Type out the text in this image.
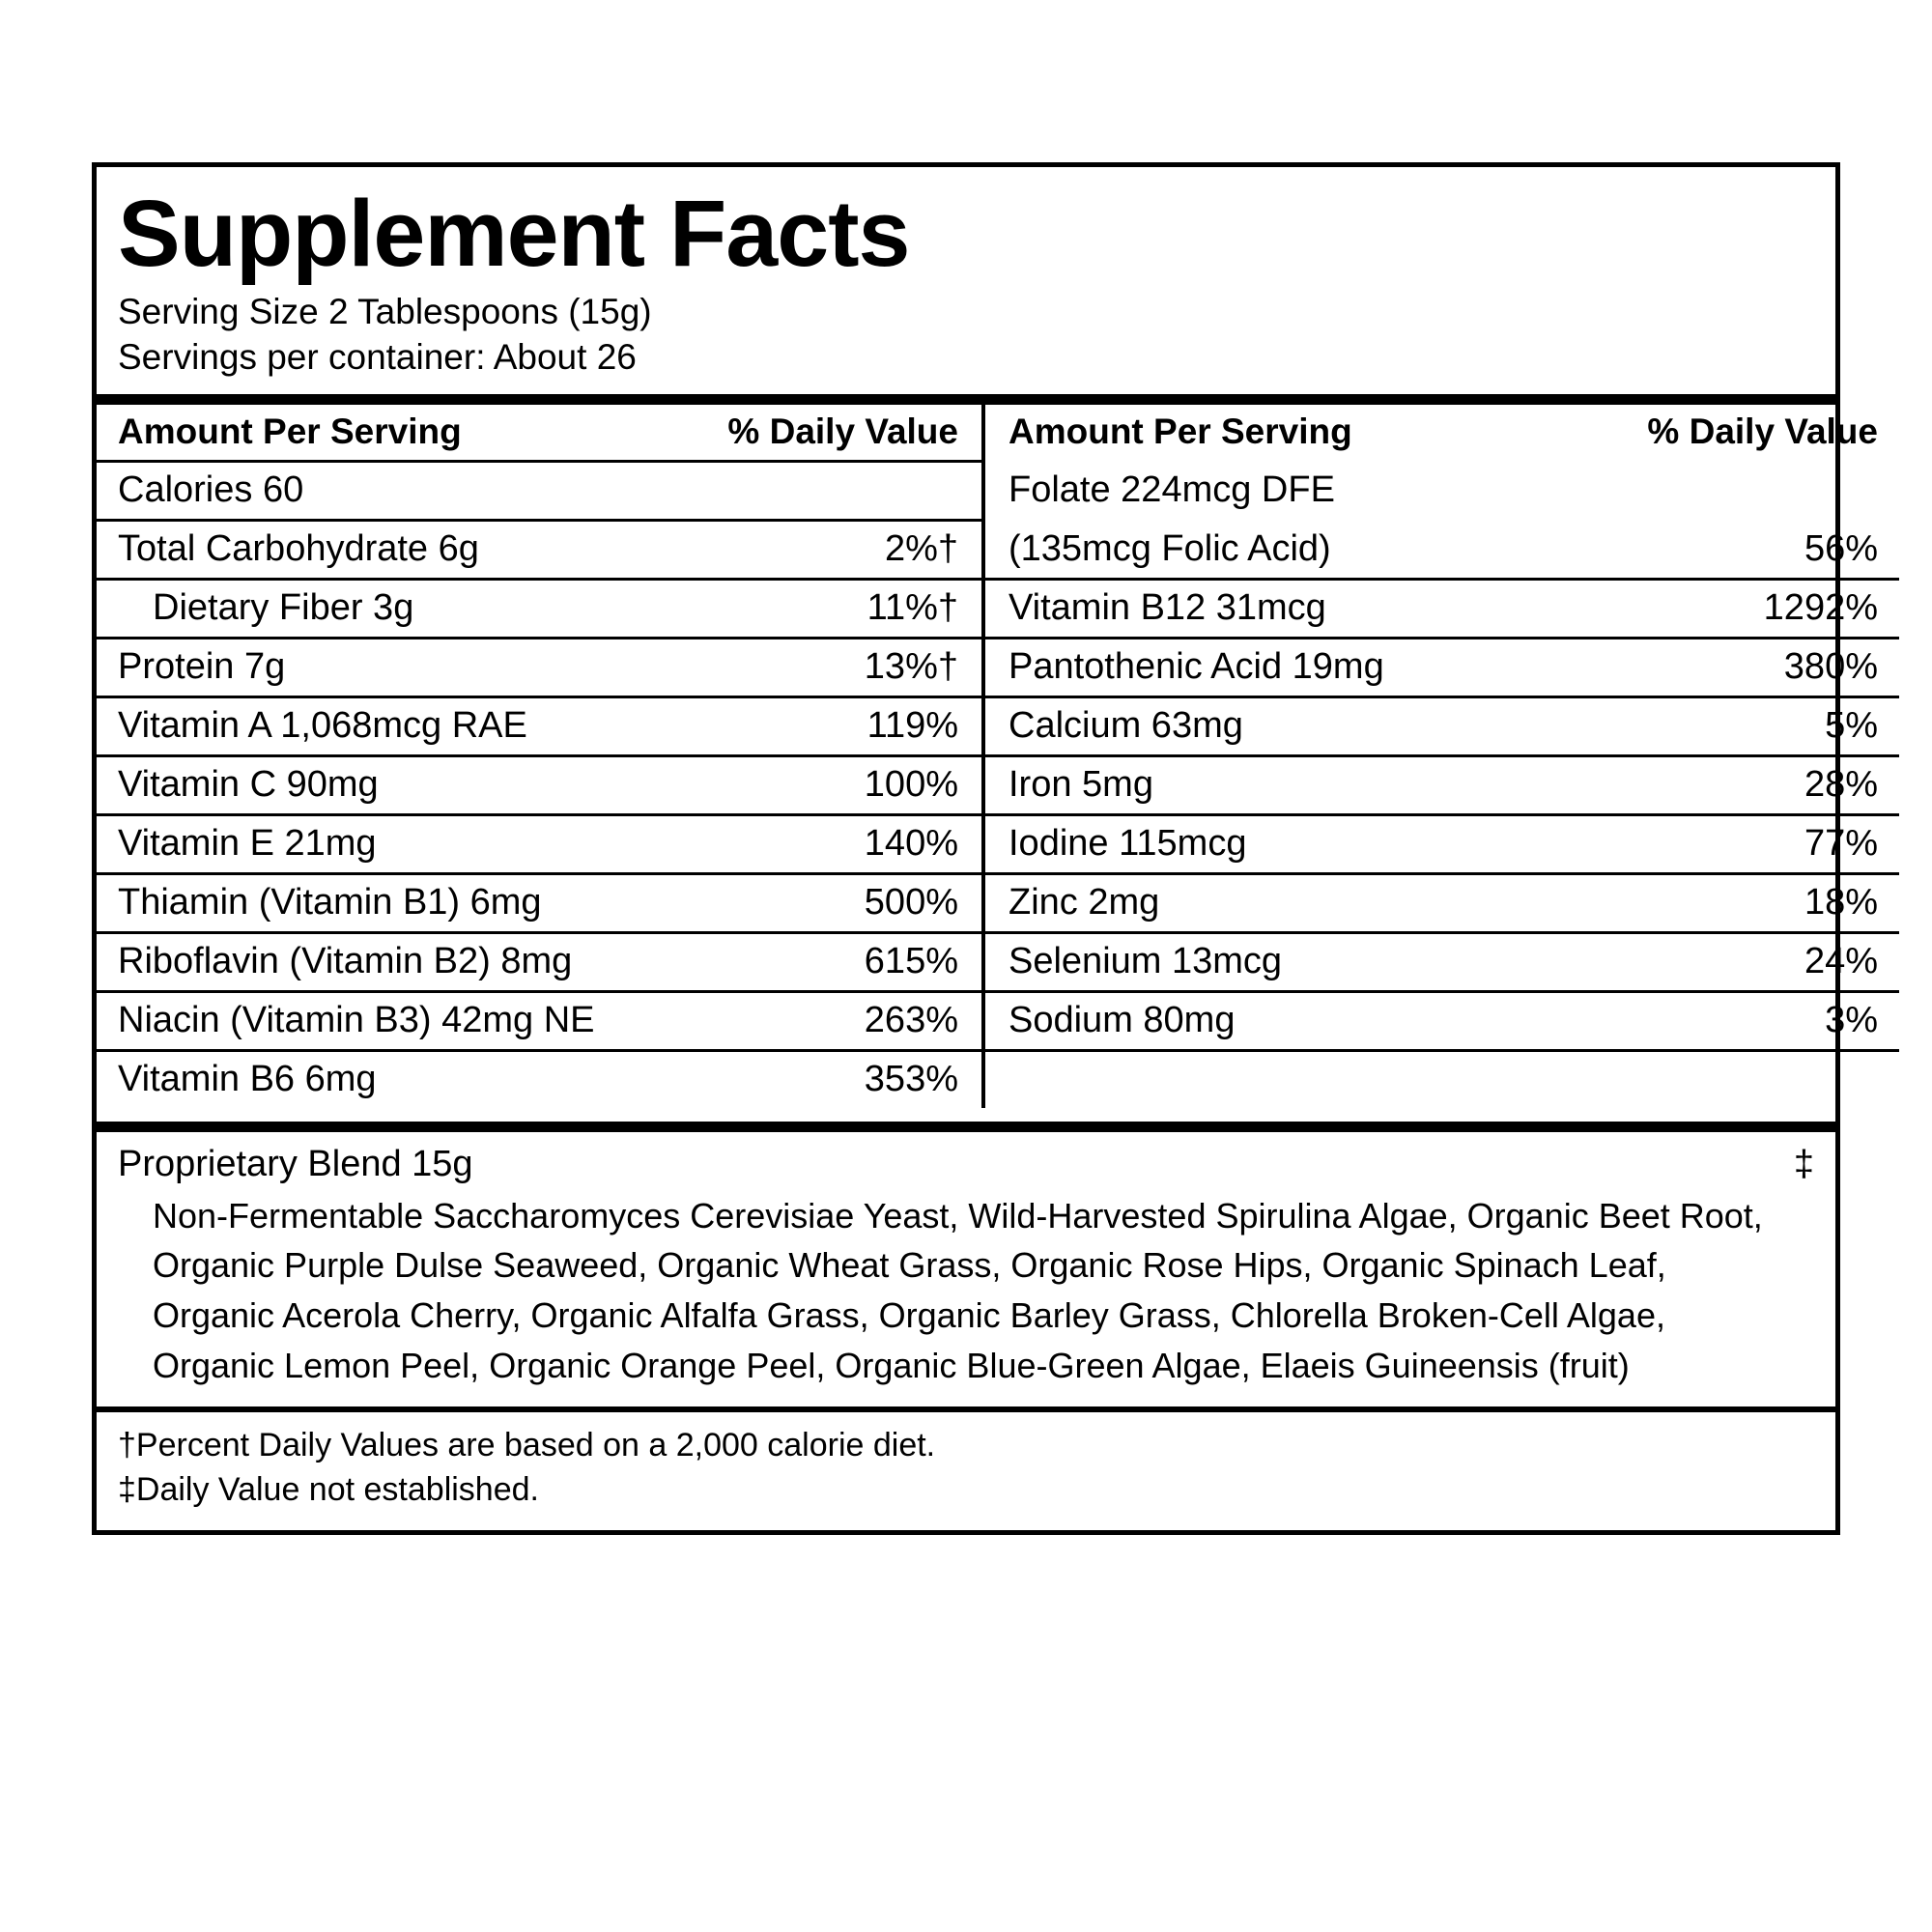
Supplement Facts
Serving Size 2 Tablespoons (15g)
Servings per container: About 26
Amount Per Serving	% Daily Value	Amount Per Serving	% Daily Value
Calories 60		Folate 224mcg DFE	
Total Carbohydrate 6g	2%†	(135mcg Folic Acid)	56%
Dietary Fiber 3g	11%†	Vitamin B12 31mcg	1292%
Protein 7g	13%†	Pantothenic Acid 19mg	380%
Vitamin A 1,068mcg RAE	119%	Calcium 63mg	5%
Vitamin C 90mg	100%	Iron 5mg	28%
Vitamin E 21mg	140%	Iodine 115mcg	77%
Thiamin (Vitamin B1) 6mg	500%	Zinc 2mg	18%
Riboflavin (Vitamin B2) 8mg	615%	Selenium 13mcg	24%
Niacin (Vitamin B3) 42mg NE	263%	Sodium 80mg	3%
Vitamin B6 6mg	353%		
Proprietary Blend 15g	‡
Non-Fermentable Saccharomyces Cerevisiae Yeast, Wild-Harvested Spirulina Algae, Organic Beet Root, Organic Purple Dulse Seaweed, Organic Wheat Grass, Organic Rose Hips, Organic Spinach Leaf, Organic Acerola Cherry, Organic Alfalfa Grass, Organic Barley Grass, Chlorella Broken-Cell Algae, Organic Lemon Peel, Organic Orange Peel, Organic Blue-Green Algae, Elaeis Guineensis (fruit)
†Percent Daily Values are based on a 2,000 calorie diet.
‡Daily Value not established.
